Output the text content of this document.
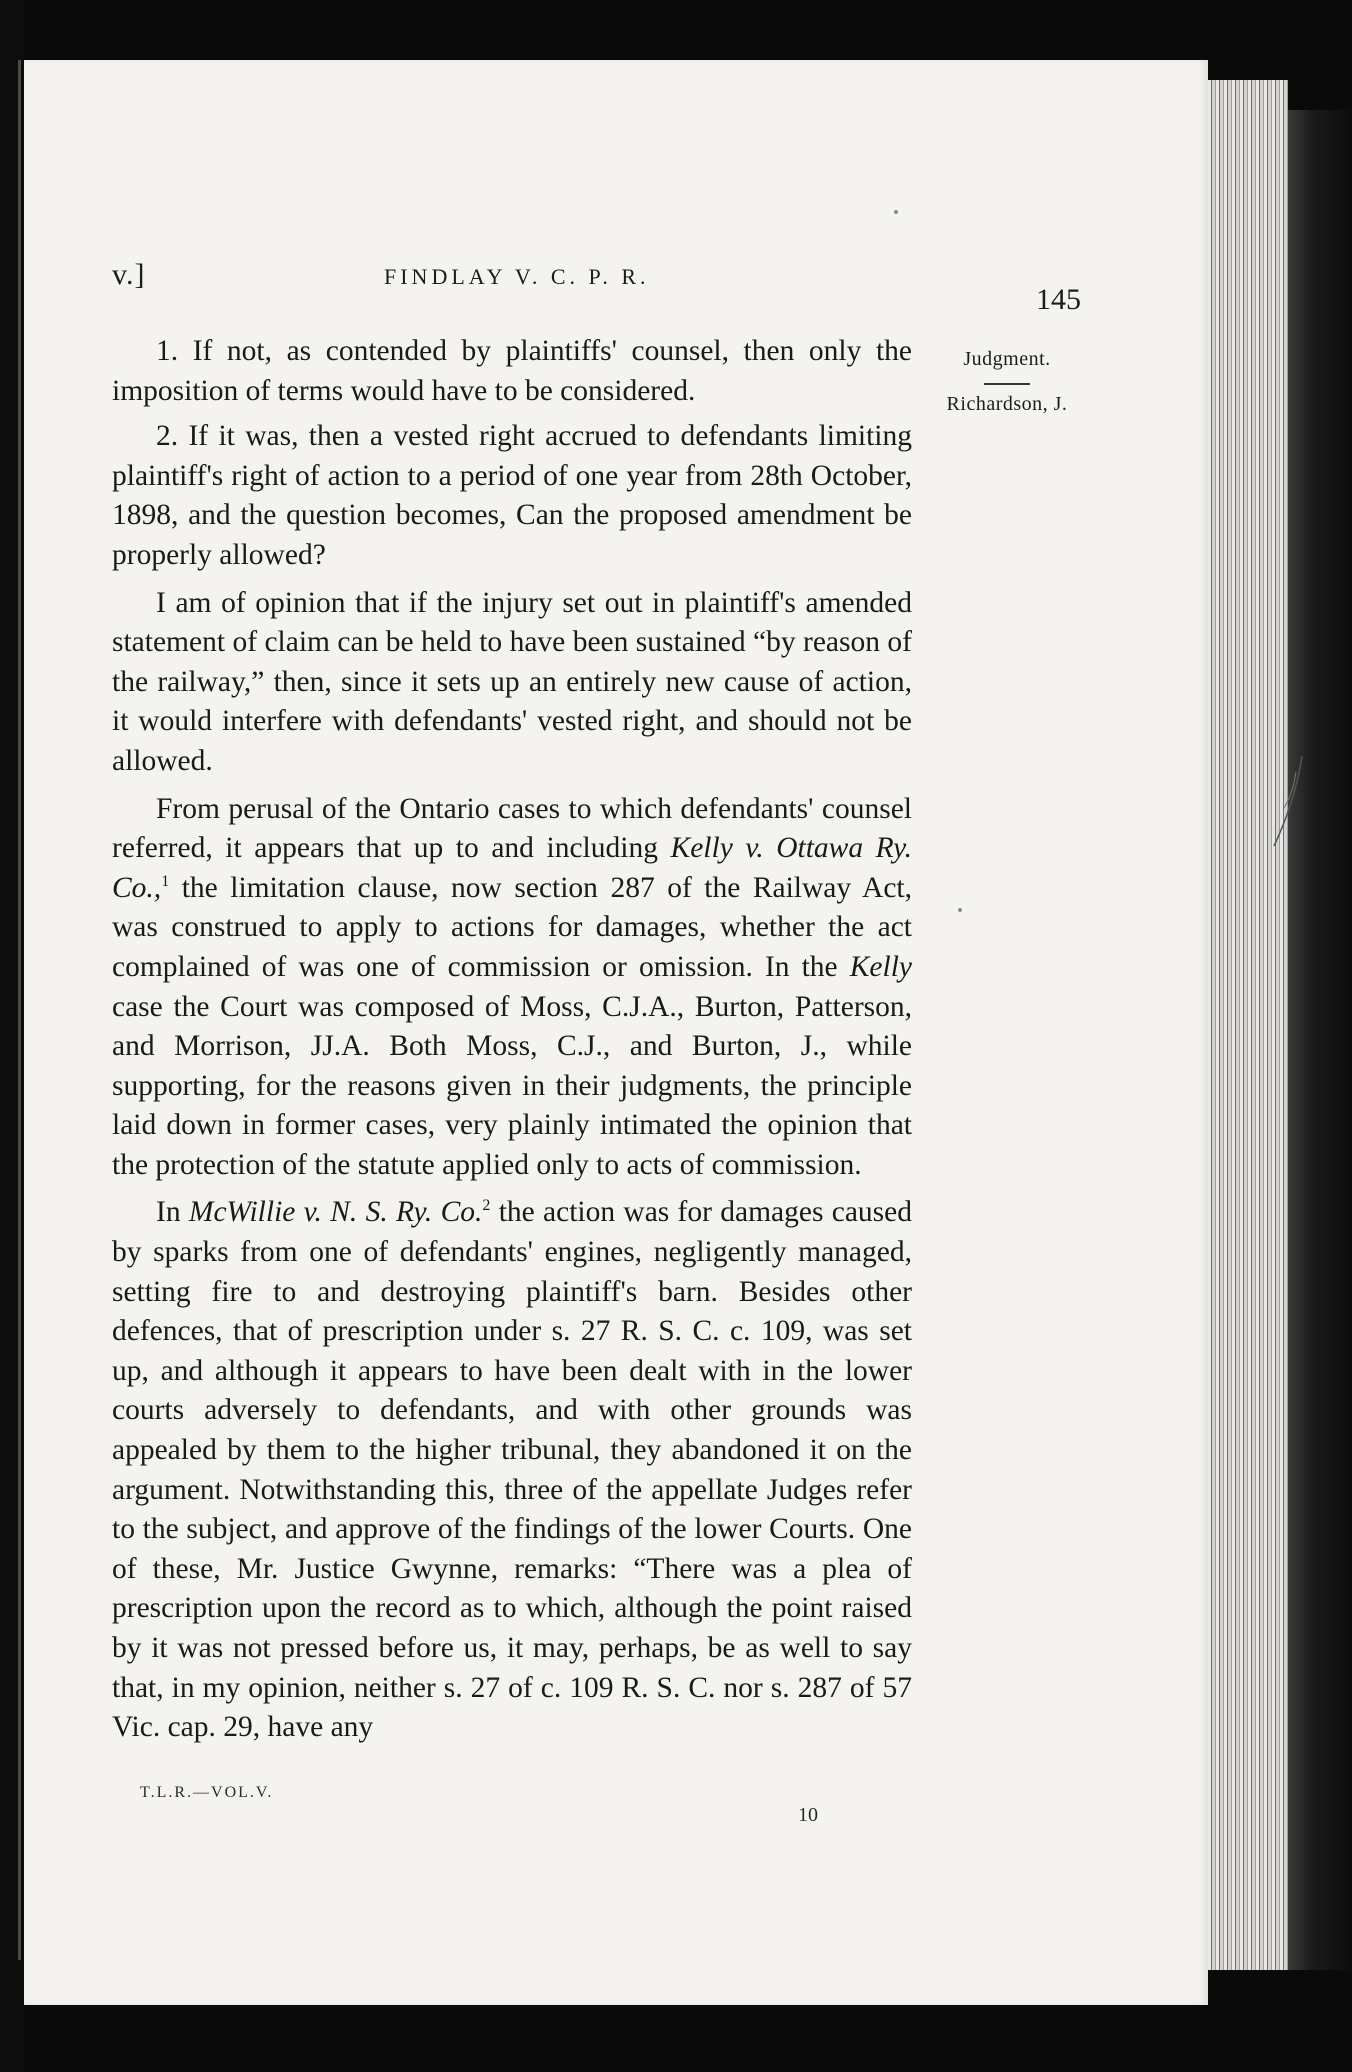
v.]	FINDLAY V. C. P. R.
145
Judgment.
Richardson, J.

1. If not, as contended by plaintiffs' counsel, then only the imposition of terms would have to be considered.

2. If it was, then a vested right accrued to defendants limiting plaintiff's right of action to a period of one year from 28th October, 1898, and the question becomes, Can the proposed amendment be properly allowed?

I am of opinion that if the injury set out in plaintiff's amended statement of claim can be held to have been sustained “by reason of the railway,” then, since it sets up an entirely new cause of action, it would interfere with defendants' vested right, and should not be allowed.

From perusal of the Ontario cases to which defendants' counsel referred, it appears that up to and including Kelly v. Ottawa Ry. Co.,$^1$ the limitation clause, now section 287 of the Railway Act, was construed to apply to actions for damages, whether the act complained of was one of commission or omission. In the Kelly case the Court was composed of Moss, C.J.A., Burton, Patterson, and Morrison, JJ.A. Both Moss, C.J., and Burton, J., while supporting, for the reasons given in their judgments, the principle laid down in former cases, very plainly intimated the opinion that the protection of the statute applied only to acts of commission.

In McWillie v. N. S. Ry. Co.$^2$ the action was for damages caused by sparks from one of defendants' engines, negligently managed, setting fire to and destroying plaintiff's barn. Besides other defences, that of prescription under s. 27 R. S. C. c. 109, was set up, and although it appears to have been dealt with in the lower courts adversely to defendants, and with other grounds was appealed by them to the higher tribunal, they abandoned it on the argument. Notwithstanding this, three of the appellate Judges refer to the subject, and approve of the findings of the lower Courts. One of these, Mr. Justice Gwynne, remarks: “There was a plea of prescription upon the record as to which, although the point raised by it was not pressed before us, it may, perhaps, be as well to say that, in my opinion, neither s. 27 of c. 109 R. S. C. nor s. 287 of 57 Vic. cap. 29, have any

T.L.R.—VOL.V.
10
